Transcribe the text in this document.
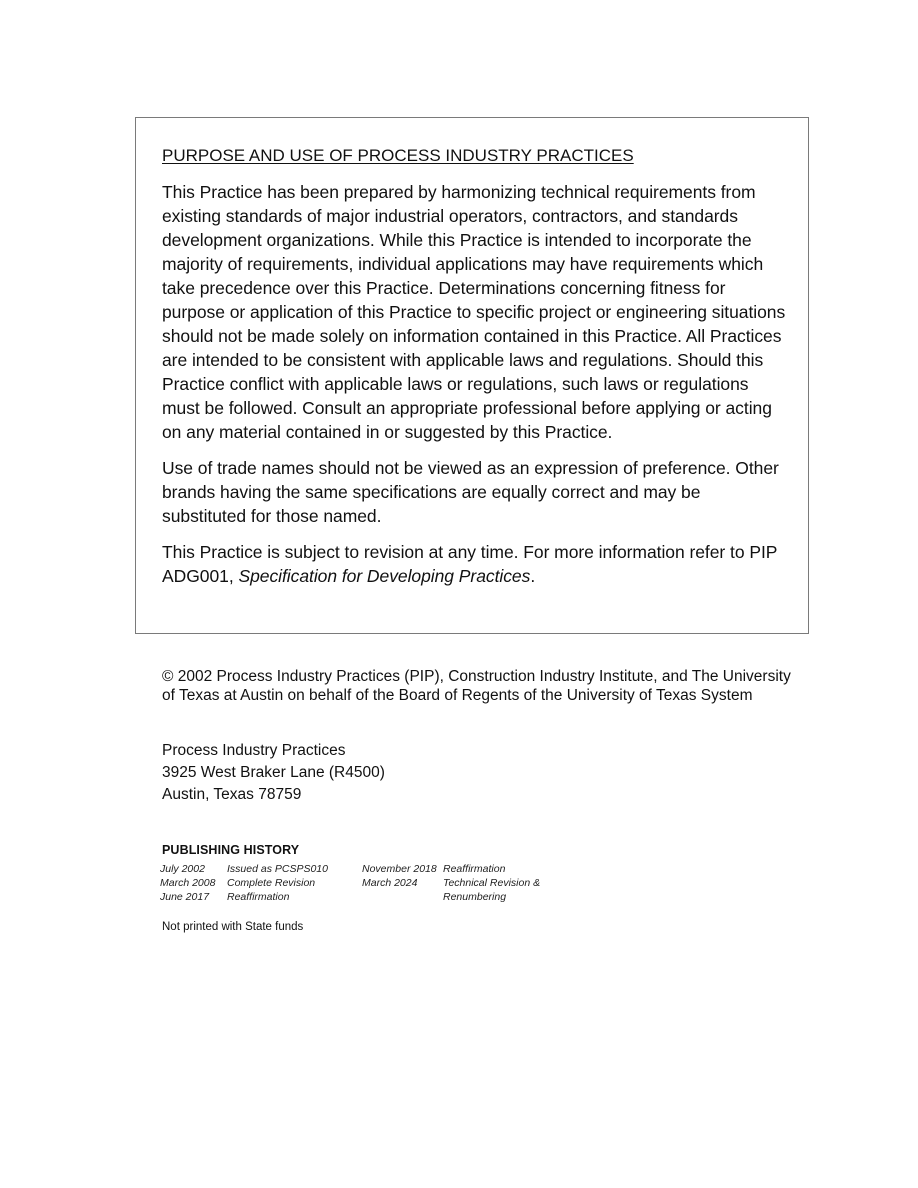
PURPOSE AND USE OF PROCESS INDUSTRY PRACTICES

This Practice has been prepared by harmonizing technical requirements from existing standards of major industrial operators, contractors, and standards development organizations. While this Practice is intended to incorporate the majority of requirements, individual applications may have requirements which take precedence over this Practice. Determinations concerning fitness for purpose or application of this Practice to specific project or engineering situations should not be made solely on information contained in this Practice. All Practices are intended to be consistent with applicable laws and regulations. Should this Practice conflict with applicable laws or regulations, such laws or regulations must be followed. Consult an appropriate professional before applying or acting on any material contained in or suggested by this Practice.

Use of trade names should not be viewed as an expression of preference. Other brands having the same specifications are equally correct and may be substituted for those named.

This Practice is subject to revision at any time. For more information refer to PIP ADG001, Specification for Developing Practices.

© 2002 Process Industry Practices (PIP), Construction Industry Institute, and The University of Texas at Austin on behalf of the Board of Regents of the University of Texas System

Process Industry Practices
3925 West Braker Lane (R4500)
Austin, Texas 78759

PUBLISHING HISTORY

July 2002
March 2008
June 2017
Issued as PCSPS010
Complete Revision
Reaffirmation
November 2018
March 2024
Reaffirmation
Technical Revision &
Renumbering

Not printed with State funds
